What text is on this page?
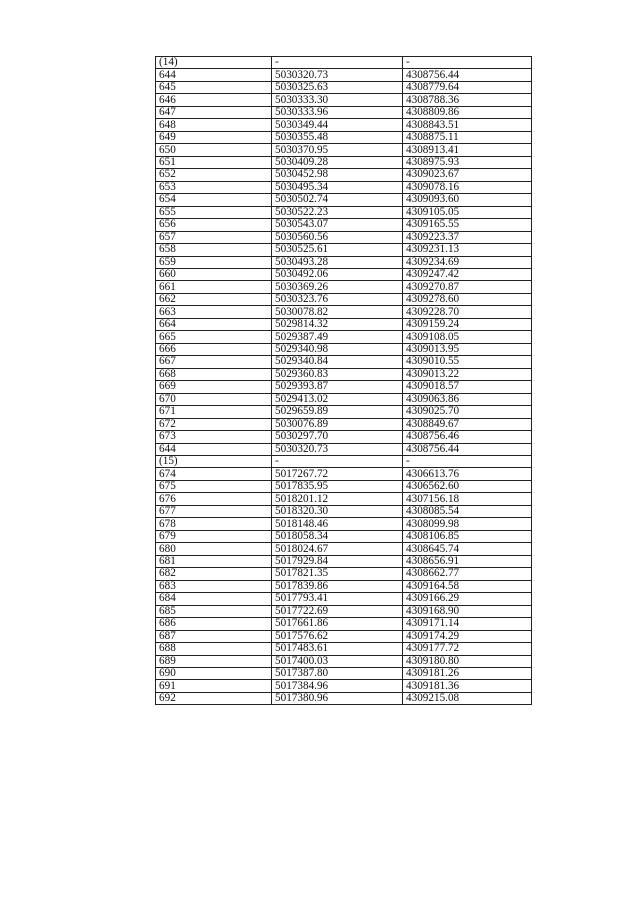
(14)	-	-
644	5030320.73	4308756.44
645	5030325.63	4308779.64
646	5030333.30	4308788.36
647	5030333.96	4308809.86
648	5030349.44	4308843.51
649	5030355.48	4308875.11
650	5030370.95	4308913.41
651	5030409.28	4308975.93
652	5030452.98	4309023.67
653	5030495.34	4309078.16
654	5030502.74	4309093.60
655	5030522.23	4309105.05
656	5030543.07	4309165.55
657	5030560.56	4309223.37
658	5030525.61	4309231.13
659	5030493.28	4309234.69
660	5030492.06	4309247.42
661	5030369.26	4309270.87
662	5030323.76	4309278.60
663	5030078.82	4309228.70
664	5029814.32	4309159.24
665	5029387.49	4309108.05
666	5029340.98	4309013.95
667	5029340.84	4309010.55
668	5029360.83	4309013.22
669	5029393.87	4309018.57
670	5029413.02	4309063.86
671	5029659.89	4309025.70
672	5030076.89	4308849.67
673	5030297.70	4308756.46
644	5030320.73	4308756.44
(15)	-	-
674	5017267.72	4306613.76
675	5017835.95	4306562.60
676	5018201.12	4307156.18
677	5018320.30	4308085.54
678	5018148.46	4308099.98
679	5018058.34	4308106.85
680	5018024.67	4308645.74
681	5017929.84	4308656.91
682	5017821.35	4308662.77
683	5017839.86	4309164.58
684	5017793.41	4309166.29
685	5017722.69	4309168.90
686	5017661.86	4309171.14
687	5017576.62	4309174.29
688	5017483.61	4309177.72
689	5017400.03	4309180.80
690	5017387.80	4309181.26
691	5017384.96	4309181.36
692	5017380.96	4309215.08
